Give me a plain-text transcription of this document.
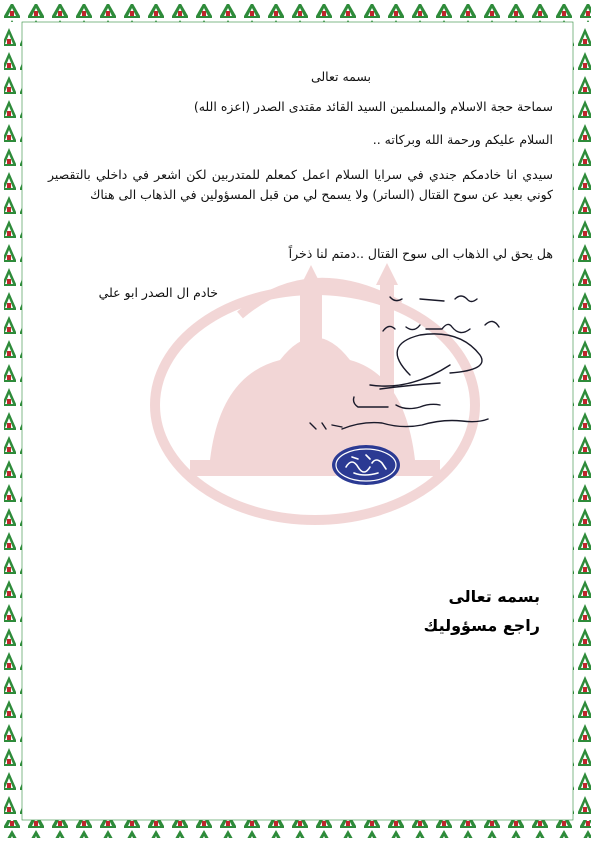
بسمه تعالى
سماحة حجة الاسلام والمسلمين السيد القائد مقتدى الصدر (اعزه الله)
السلام عليكم ورحمة الله وبركاته ..
سيدي انا خادمكم جندي في سرايا السلام اعمل كمعلم للمتدربين لكن اشعر في داخلي بالتقصير كوني بعيد عن سوح القتال (الساتر) ولا يسمح لي من قبل المسؤولين في الذهاب الى هناك
هل يحق لي الذهاب الى سوح القتال ..دمتم لنا ذخراً
خادم ال الصدر ابو علي
بسمه تعالى
راجع مسؤوليك
